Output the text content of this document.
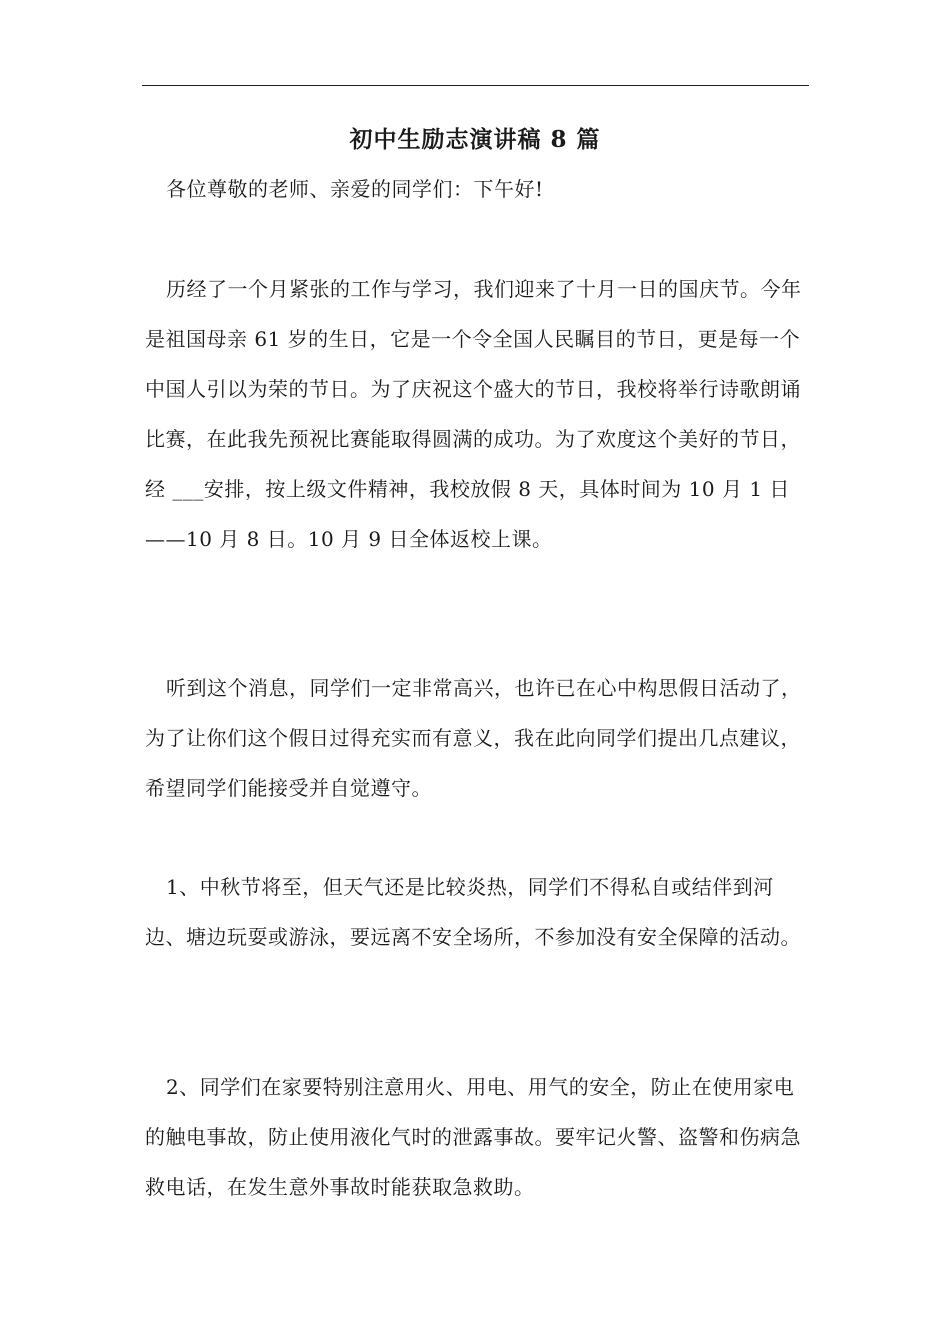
初中生励志演讲稿 8 篇

各位尊敬的老师、亲爱的同学们：下午好!

历经了一个月紧张的工作与学习，我们迎来了十月一日的国庆节。今年是祖国母亲 61 岁的生日，它是一个令全国人民瞩目的节日，更是每一个中国人引以为荣的节日。为了庆祝这个盛大的节日，我校将举行诗歌朗诵比赛，在此我先预祝比赛能取得圆满的成功。为了欢度这个美好的节日，经 ___安排，按上级文件精神，我校放假 8 天，具体时间为 10 月 1 日——10 月 8 日。10 月 9 日全体返校上课。

听到这个消息，同学们一定非常高兴，也许已在心中构思假日活动了，为了让你们这个假日过得充实而有意义，我在此向同学们提出几点建议，希望同学们能接受并自觉遵守。

1、中秋节将至，但天气还是比较炎热，同学们不得私自或结伴到河边、塘边玩耍或游泳，要远离不安全场所，不参加没有安全保障的活动。

2、同学们在家要特别注意用火、用电、用气的安全，防止在使用家电的触电事故，防止使用液化气时的泄露事故。要牢记火警、盗警和伤病急救电话，在发生意外事故时能获取急救助。
